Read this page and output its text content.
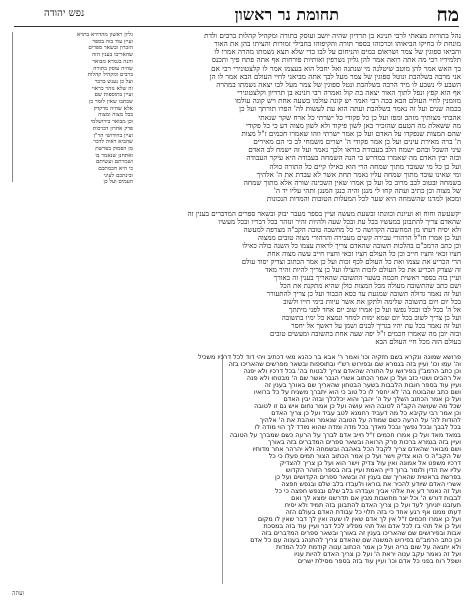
מח
תחומת נר ראשון
נפש יהודה
נהל בתורות מצאתי לרבי תנינא בן תרדיון שהיה יושב ועוסק בתורה ומקהיל קהלות ברבים ולדת
מונחת לו בחיקו הביאוהו וכרכוהו בספר תורה והקיפוהו בחבילי זמורות והציתו בהן את האור
והביאו ספוגין של צמר ושראום במים והניחום על לבו כדי שלא תצא נשמתו מהרה אמרו לו
תלמידיו רבי מה אתה רואה אמר להן גליון נשרפין ואותיות פורחות אף אתה פתח פיך ותכנס
בך האש אמר להן מוטב שיטלנה מי שנתנה ואל יחבל הוא בעצמו אמר לו קלצטונירי רבי אם
אני מרבה בשלהבת ונוטל ספוגין של צמר מעל לבך אתה מביאני לחיי העולם הבא אמר לו הן
השבע לי נשבע לו מיד הרבה בשלהבת ונטל ספוגין של צמר מעל לבו יצאה נשמתו במהרה
אף הוא קפץ ונפל לתוך האור יצאה בת קול ואמרה רבי חנינא בן תרדיון וקלצטונירי
מזומנין לחיי העולם הבא בכה רבי ואמר יש קונה עולמו בשעה אחת ויש קונה עולמו
בכמה שנים ועל זה נאמר בשלהבת ועתה הוא עת לעשות לה' הפרו תורתך ועל כן
אהבתי מצותיך מזהב ומפז ועל כן כל פקודי כל ישרתי כל ארח שקר שנאתי
מה ששאלת מה הטעם שהזכיר כאן לשון פיקוד ולא לשון מצוה דע כי כל פקודי
שהם המצות שנפקדו על האדם ועל כן אמר ישרתי וזהו שאמרו חכמים ז"ל מצות
ה' ברה מאירת עינים ועל כן אמר פקודי ה' ישרים משמחי לב כי הם מאירים
עיני השכל ובהם ישמח הלב בעבודת בוראו ולכך נאמר ועל זה ישמח לב האדם
ובזה יבין האדם מה שאמרו במדרש כי הנה השמחה בעבודה היא עיקר העבודה
ועל כן כל מי שעובד מתוך שמחה הרי הוא כאילו קיים כל התורה כולה
ומי שאינו עובד מתוך שמחה עליו נאמר תחת אשר לא עבדת את ה' אלהיך
בשמחה ובטוב לבב מרוב כל ועל כן אמרו שאין השכינה שורה אלא מתוך שמחה
של מצוה וכן כתיב ועתה קחו לי מנגן והיה כנגן המנגן ותהי עליו יד ה'
ומכאן למדנו שהשמחה היא שער לכל המעלות הטובות והמדות הנכונות
גליון ראשון מהדורא בתרא
ועיין עוד בזה בספר
הזכרון ובשאר ספרים
שהאריכו בענין הזה
והנה בגמרא מבואר
שהיה עוסק בתורה
ברבים ומקהיל קהלות
ועל כן נענש בדבר
זה שלא נזהר כראוי
ועיין בתוספות שם
שכתבו שאין לומר כן
אלא שהיה מדקדק
בכל מצוה ומצוה
וכן מבואר בירושלמי
פרק אחרון דברכות
ועיין בחידושי הר"ן
שהביא ראיה לדבר
מן הפסוק בפרשת
ואתחנן שנאמר בו
ושמרתם ועשיתם
כי היא חכמתכם
ובינתכם לעיני
העמים ועל כן
יקשעשה וחוח וא ועיונת וכוונתו ובשעת מעשה ועיין בספר מעבר יבוק ובשאר ספרים המדברים בענין זה
שהאדם צריך להתבונן במעשיו בכל עת ובכל שעה ולהיות זהיר ונזהר בכל דבריו ובכל מעשיו
ולא יסיח דעתו מן המחשבה הקדושה כי כל מחשבה טובה הקב"ה מצרפה למעשה
ועל כן אמרו חז"ל הרהורי עבירה קשים מעבירה והרהורי מצוה טובים ממצוה
וכן כתב הרמב"ם בהלכות תשובה שהאדם צריך לראות עצמו כל השנה כולה כאילו
חציו זכאי וחציו חייב וכן כל העולם חציו זכאי וחציו חייב עשה מצוה אחת
הרי הכריע את עצמו ואת כל העולם לכף זכות ועל כן אמר הכתוב וצדיק יסוד עולם
זה שצדק הכריע את כל העולם לזכות והצילו ועל כן צריך להיות זהיר מאד
ועיין בזה בספר ראשית חכמה בשער התשובה שהאריך בענין זה באורך
ושם כתב שהתשובה מעולה מכל המצות כולן שהיא מתקנת את הכל
ועל זה נאמר גדולה תשובה שמגעת עד כסא הכבוד ועל כן צריך להתעורר
בכל יום ויום בתשובה שלימה ולתקן את אשר עיוות בימי חייו ולשוב
אל ה' בכל לבו ובכל נפשו ועל כן אמרו שוב יום אחד לפני מיתתך
ועל כן צריך לשוב בכל יום שמא ימות למחר ונמצא כל ימיו בתשובה
ועל זה נאמר בכל עת יהיו בגדיך לבנים ושמן על ראשך אל יחסר
ובזה יובן מה שאמרו חכמים ז"ל יפה שעה אחת בתשובה ומעשים טובים
בעולם הזה מכל חיי העולם הבא
פרושא שמונה ונקרא בשם חזקיה וכו' ואמר ר' אבא בר כהנא מאי דכתיב ויהי דוד לכל דרכיו משכיל
וה' עמו וכו' ועיין בזה בגמרא שם ובפירוש רש"י ובתוספות ובשאר מפרשים שהאריכו בזה
וכן כתב הרמב"ן בפירושו על התורה שהאדם צריך לבטוח בה' בכל דרכיו ולא יפנה
אל רהבים ושטי כזב ועל כן אמר הכתוב אשרי הגבר אשר שם ה' מבטחו ולא פנה
ועיין עוד בספר חובות הלבבות בשער הבטחון שהאריך שם באורך בענין זה
ושם כתב שהבוטח בה' לא יחסר לו כל טוב כי הוא יתברך משגיח על כל ברואיו
ועל כן אמר הכתוב השלך על ה' יהבך והוא יכלכלך ובזה יבין האדם
שכל מה שעושה הקב"ה לטובה הוא עושה ועל כן אמר נחום איש גם זו לטובה
וכן אמר רבי עקיבא כל מה דעביד רחמנא לטב עביד ועל כן צריך האדם
להודות לה' על הרעה כשם שמודה על הטובה שנאמר ואהבת את ה' אלהיך
בכל לבבך ובכל נפשך ובכל מאדך בכל מדה ומדה שהוא מודד לך הוי מודה לו
במאד מאד ועל כן אמרו חכמים ז"ל חייב אדם לברך על הרעה כשם שמברך על הטובה
ועיין בזה בגמרא ברכות פרק הרואה ובשאר ספרים המדברים בזה באורך
ושם מבואר שהאדם צריך לקבל הכל באהבה ובשמחה ולא יהרהר אחר מדותיו
של הקב"ה כי הוא צדיק וישר ועל כן אמר הכתוב הצור תמים פעלו כי כל
דרכיו משפט אל אמונה ואין עול צדיק וישר הוא ועל כן צריך להצדיק
עליו את הדין ולומר ברוך דיין האמת ועיין בזה בספר הזוהר הקדוש
בפרשת בראשית שהאריך שם בענין זה ובשאר ספרים הקדושים ועל כן
אשרי האדם שיודע להכיר את בוראו ולעבדו בלב שלם ובנפש חפצה
ועל זה נאמר דע את אלהי אביך ועבדהו בלב שלם ובנפש חפצה כי כל
לבבות דורש ה' וכל יצר מחשבות מבין אם תדרשנו ימצא לך ואם
תעזבנו יזניחך לעד ועל כן צריך האדם להתבונן בזה תמיד ולא יסיח
דעתו ממנו אף רגע אחד כי בזה תלוי כל עבודת האדם בעולם הזה
ועל כן אמרו חכמים ז"ל אין לך אדם שאין לו שעה ואין לך דבר שאין לו מקום
ועל כן אל תהי בז לכל אדם ואל תהי מפליג לכל דבר ועיין עוד בזה במסכת
אבות ובפירושים שם שהאריכו בענין זה באורך ובשאר ספרים המדברים בזה
וכן כתב הרמב"ם בפירוש המשנה שם שהאדם צריך להתנהג בענוה עם כל אדם
ולא יתגאה על שום בריה ועל כן אמר הכתוב ענוה קודמת לכל המדות
ועל זה נאמר עקב ענוה יראת ה' ועל כן צריך האדם להיות עניו
ושפל רוח בפני כל אדם וכו' ועיין עוד בזה בספר מסילת ישרים
ועתה
